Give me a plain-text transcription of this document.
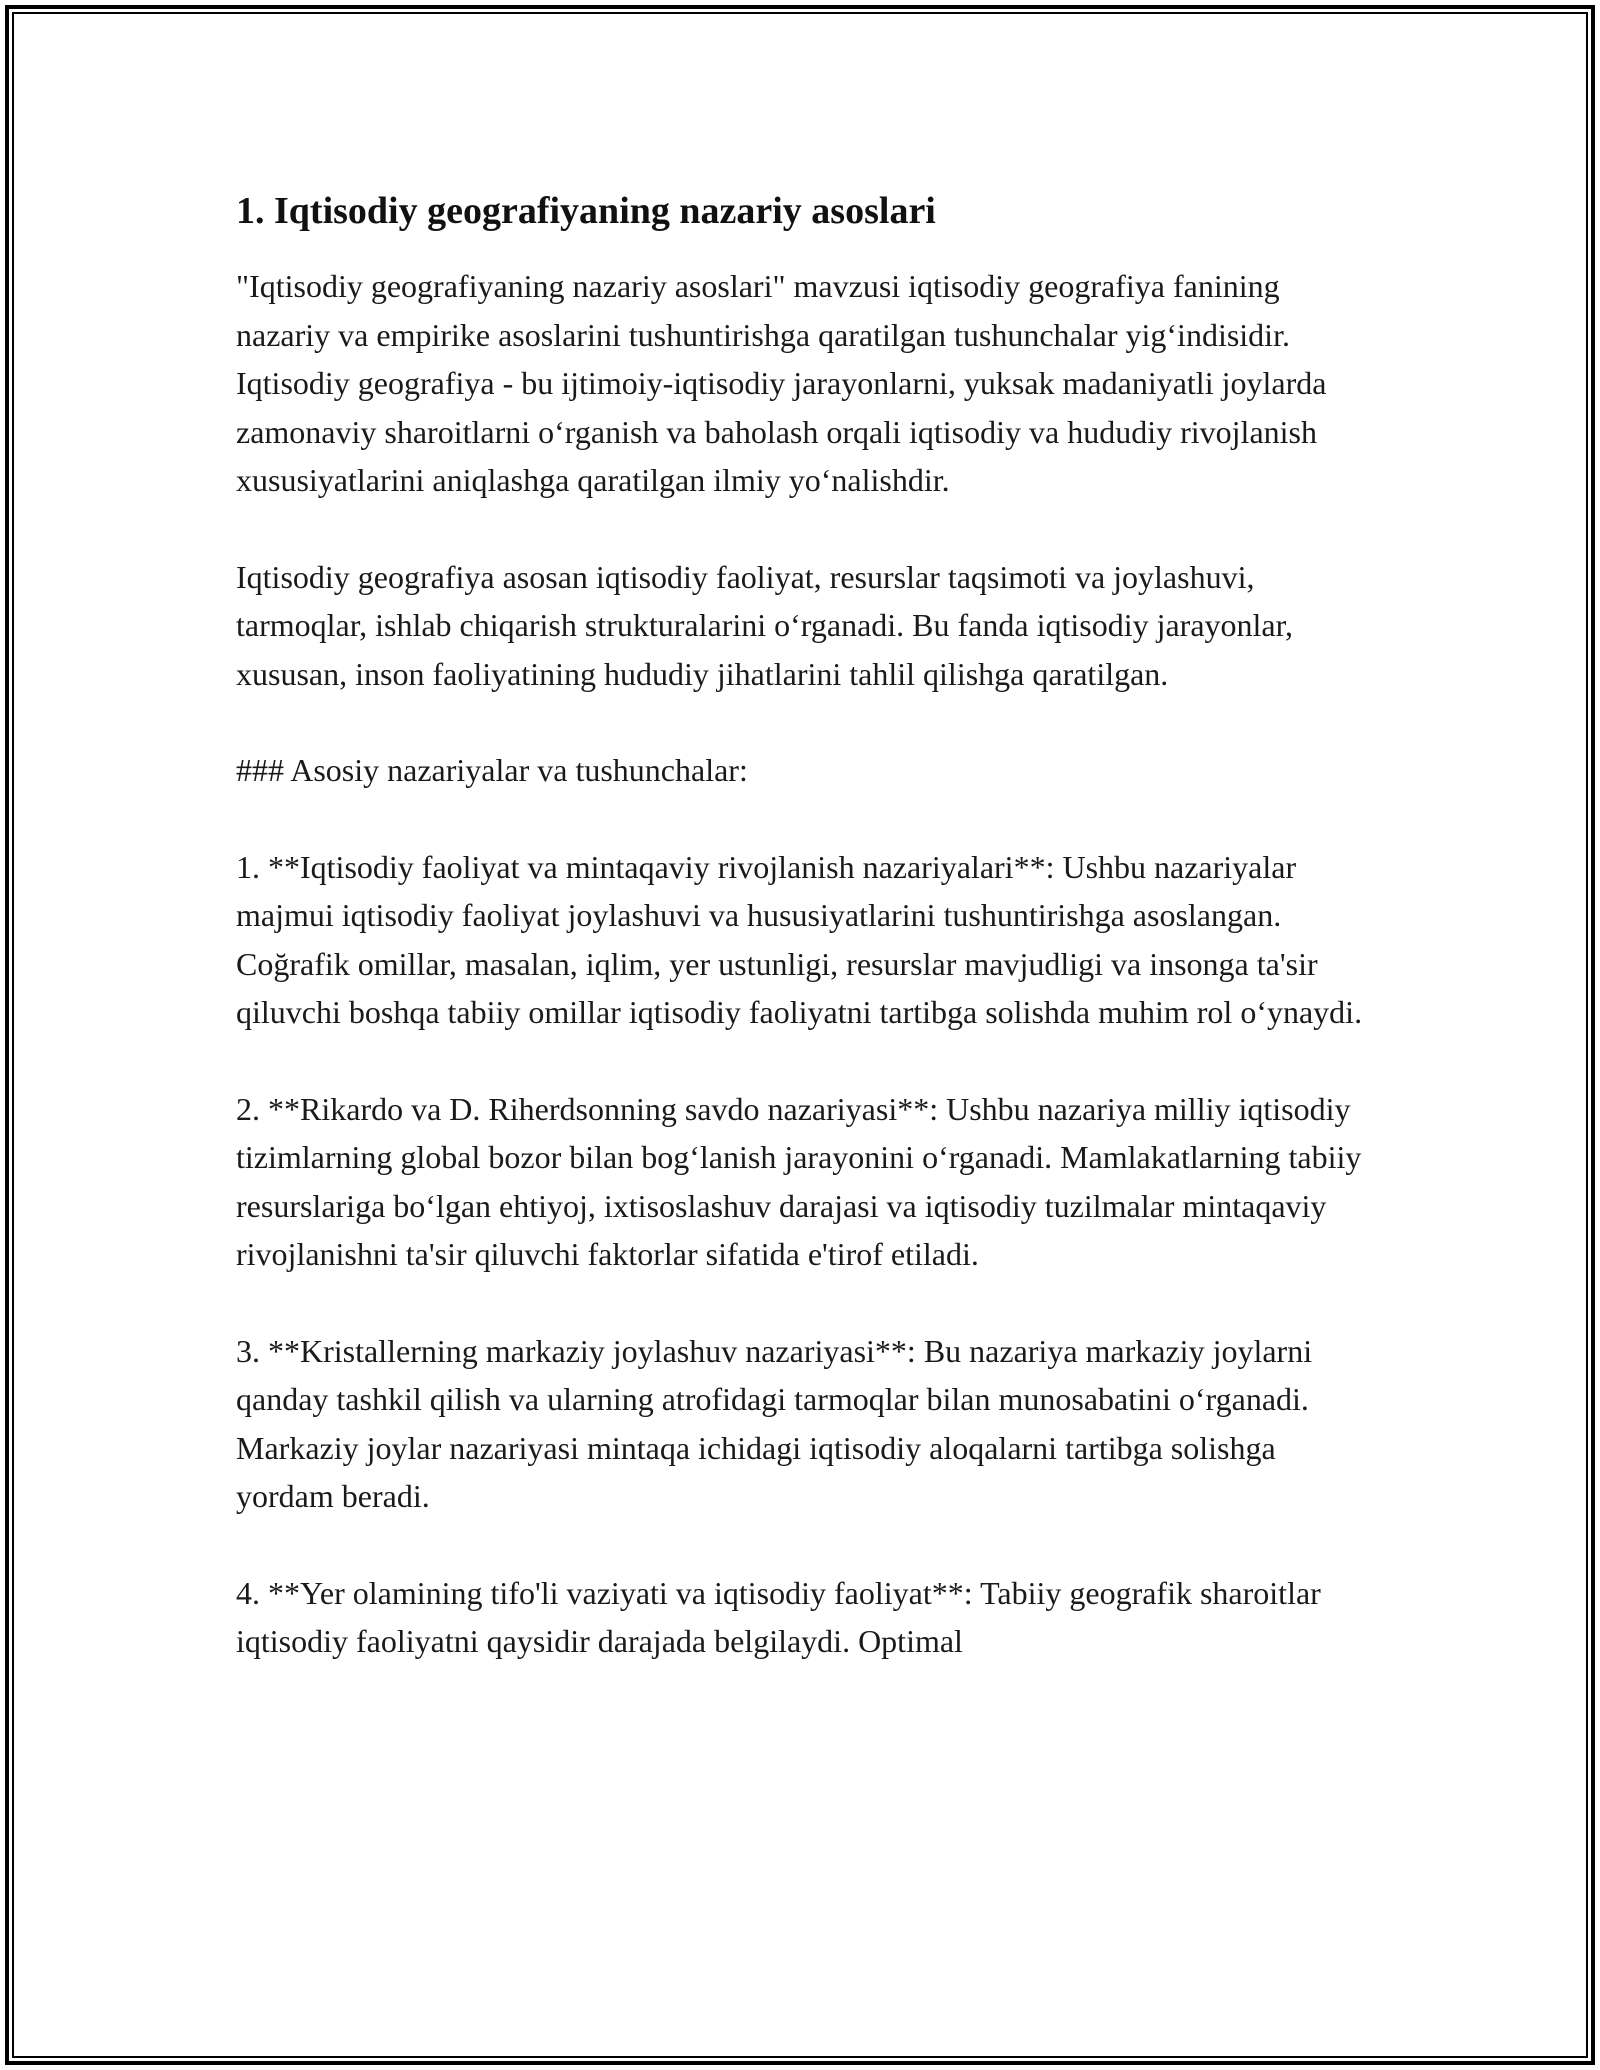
1. Iqtisodiy geografiyaning nazariy asoslari

"Iqtisodiy geografiyaning nazariy asoslari" mavzusi iqtisodiy geografiya fanining nazariy va empirike asoslarini tushuntirishga qaratilgan tushunchalar yig‘indisidir. Iqtisodiy geografiya - bu ijtimoiy-iqtisodiy jarayonlarni, yuksak madaniyatli joylarda zamonaviy sharoitlarni o‘rganish va baholash orqali iqtisodiy va hududiy rivojlanish xususiyatlarini aniqlashga qaratilgan ilmiy yo‘nalishdir.

Iqtisodiy geografiya asosan iqtisodiy faoliyat, resurslar taqsimoti va joylashuvi, tarmoqlar, ishlab chiqarish strukturalarini o‘rganadi. Bu fanda iqtisodiy jarayonlar, xususan, inson faoliyatining hududiy jihatlarini tahlil qilishga qaratilgan.

### Asosiy nazariyalar va tushunchalar:

1. **Iqtisodiy faoliyat va mintaqaviy rivojlanish nazariyalari**: Ushbu nazariyalar majmui iqtisodiy faoliyat joylashuvi va hususiyatlarini tushuntirishga asoslangan. Coğrafik omillar, masalan, iqlim, yer ustunligi, resurslar mavjudligi va insonga ta'sir qiluvchi boshqa tabiiy omillar iqtisodiy faoliyatni tartibga solishda muhim rol o‘ynaydi.

2. **Rikardo va D. Riherdsonning savdo nazariyasi**: Ushbu nazariya milliy iqtisodiy tizimlarning global bozor bilan bog‘lanish jarayonini o‘rganadi. Mamlakatlarning tabiiy resurslariga bo‘lgan ehtiyoj, ixtisoslashuv darajasi va iqtisodiy tuzilmalar mintaqaviy rivojlanishni ta'sir qiluvchi faktorlar sifatida e'tirof etiladi.

3. **Kristallerning markaziy joylashuv nazariyasi**: Bu nazariya markaziy joylarni qanday tashkil qilish va ularning atrofidagi tarmoqlar bilan munosabatini o‘rganadi. Markaziy joylar nazariyasi mintaqa ichidagi iqtisodiy aloqalarni tartibga solishga yordam beradi.

4. **Yer olamining tifo'li vaziyati va iqtisodiy faoliyat**: Tabiiy geografik sharoitlar iqtisodiy faoliyatni qaysidir darajada belgilaydi. Optimal
